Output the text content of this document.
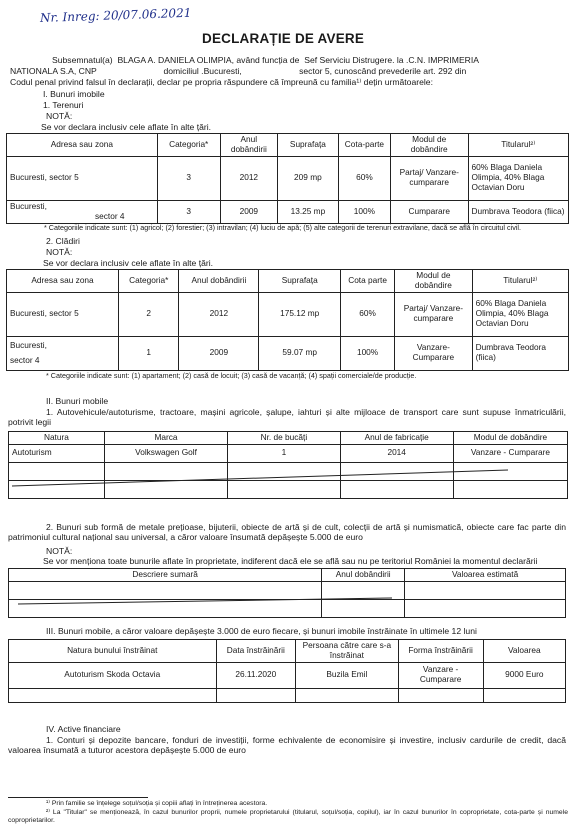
Nr. Inreg: 20/07.06.2021
DECLARAȚIE DE AVERE
Subsemnatul(a)  BLAGA A. DANIELA OLIMPIA, având funcția de  Sef Serviciu Distrugere. la .C.N. IMPRIMERIA
NATIONALA S.A, CNP                            domiciliul .Bucuresti,                        sector 5, cunoscând prevederile art. 292 din
Codul penal privind falsul în declarații, declar pe propria răspundere că împreună cu familia¹⁾ dețin următoarele:
I. Bunuri imobile
1. Terenuri
NOTĂ:
Se vor declara inclusiv cele aflate în alte țări.
Adresa sau zona	Categoria*	Anul dobândirii	Suprafața	Cota-parte	Modul de dobândire	Titularul²⁾
Bucuresti, sector 5	3	2012	209 mp	60%	Partaj/ Vanzare-cumparare	60% Blaga Daniela Olimpia, 40% Blaga Octavian Doru

Bucuresti,
sector 4	3	2009	13.25 mp	100%	Cumparare	Dumbrava Teodora (fiica)
* Categoriile indicate sunt: (1) agricol; (2) forestier; (3) intravilan; (4) luciu de apă; (5) alte categorii de terenuri extravilane, dacă se află în circuitul civil.
2. Clădiri
NOTĂ:
Se vor declara inclusiv cele aflate în alte țări.
Adresa sau zona	Categoria*	Anul dobândirii	Suprafața	Cota parte	Modul de dobândire	Titularul²⁾
Bucuresti, sector 5	2	2012	175.12 mp	60%	Partaj/ Vanzare-cumparare	60% Blaga Daniela Olimpia, 40% Blaga Octavian Doru

Bucuresti,
sector 4	1	2009	59.07 mp	100%	Vanzare-Cumparare	Dumbrava Teodora (fiica)
* Categoriile indicate sunt: (1) apartament; (2) casă de locuit; (3) casă de vacanță; (4) spații comerciale/de producție.
II. Bunuri mobile
1. Autovehicule/autoturisme, tractoare, mașini agricole, șalupe, iahturi și alte mijloace de transport care sunt supuse înmatriculării, potrivit legii
Natura	Marca	Nr. de bucăți	Anul de fabricație	Modul de dobândire
Autoturism	Volkswagen Golf	1	2014	Vanzare - Cumparare

2. Bunuri sub formă de metale prețioase, bijuterii, obiecte de artă și de cult, colecții de artă și numismatică, obiecte care fac parte din patrimoniul cultural național sau universal, a căror valoare însumată depășește 5.000 de euro
NOTĂ:
Se vor menționa toate bunurile aflate în proprietate, indiferent dacă ele se află sau nu pe teritoriul României la momentul declarării
Descriere sumară	Anul dobândirii	Valoarea estimată

III. Bunuri mobile, a căror valoare depășește 3.000 de euro fiecare, și bunuri imobile înstrăinate în ultimele 12 luni
Natura bunului înstrăinat	Data înstrăinării	Persoana către care s-a înstrăinat	Forma înstrăinării	Valoarea
Autoturism Skoda Octavia	26.11.2020	Buzila Emil	Vanzare - Cumparare	9000 Euro

IV. Active financiare
1. Conturi și depozite bancare, fonduri de investiții, forme echivalente de economisire și investire, inclusiv cardurile de credit, dacă valoarea însumată a tuturor acestora depășește 5.000 de euro
¹⁾ Prin familie se înțelege soțul/soția și copiii aflați în întreținerea acestora.
²⁾ La "Titular" se menționează, în cazul bunurilor proprii, numele proprietarului (titularul, soțul/soția, copilul), iar în cazul bunurilor în coproprietate, cota-parte și numele coproprietarilor.
